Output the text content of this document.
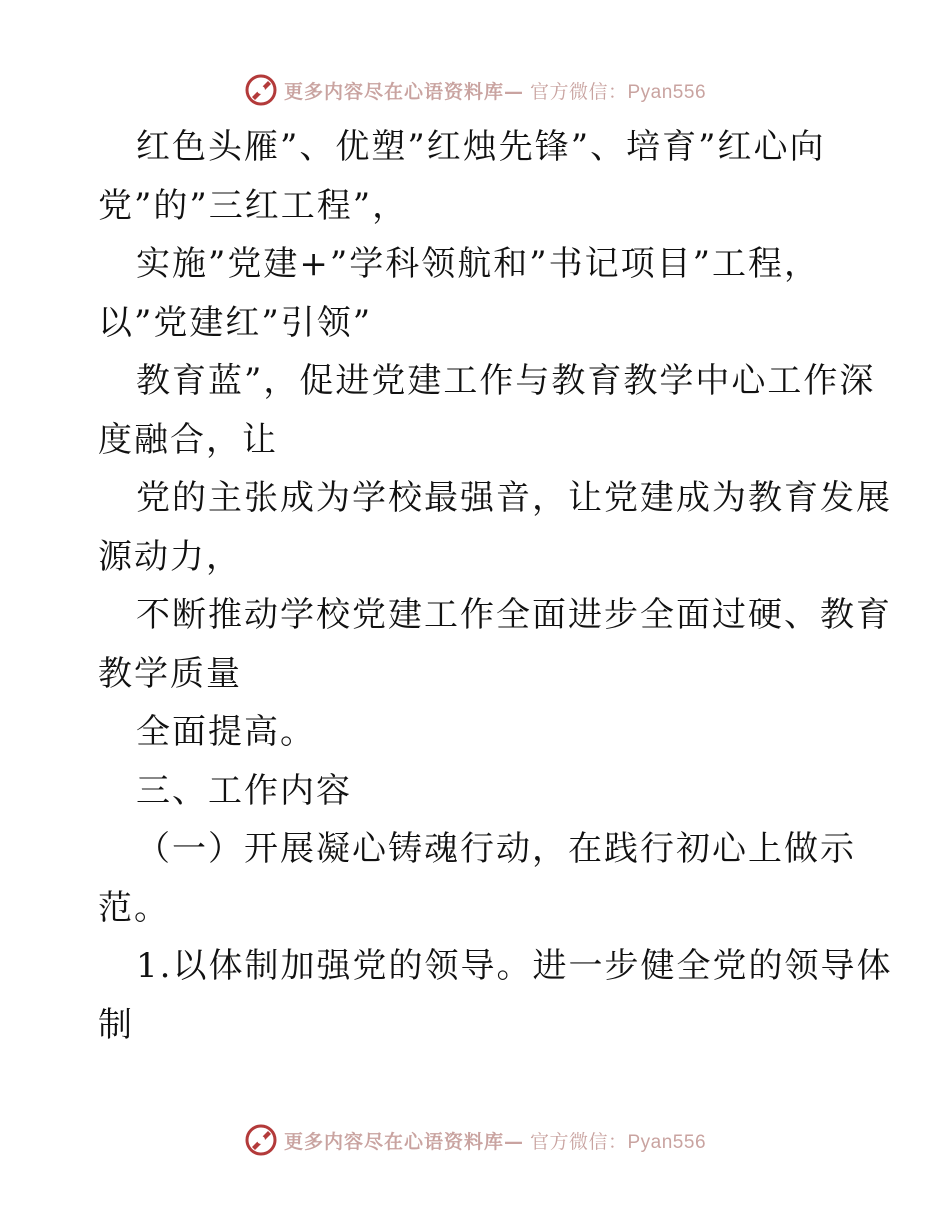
更多内容尽在心语资料库— 官方微信：Pyan556
红色头雁”、优塑”红烛先锋”、培育”红心向
党”的”三红工程”，
实施”党建+”学科领航和”书记项目”工程，
以”党建红”引领”
教育蓝”，促进党建工作与教育教学中心工作深
度融合，让
党的主张成为学校最强音，让党建成为教育发展
源动力，
不断推动学校党建工作全面进步全面过硬、教育
教学质量
全面提高。
三、工作内容
（一）开展凝心铸魂行动，在践行初心上做示
范。
1.以体制加强党的领导。进一步健全党的领导体
制
更多内容尽在心语资料库— 官方微信：Pyan556
